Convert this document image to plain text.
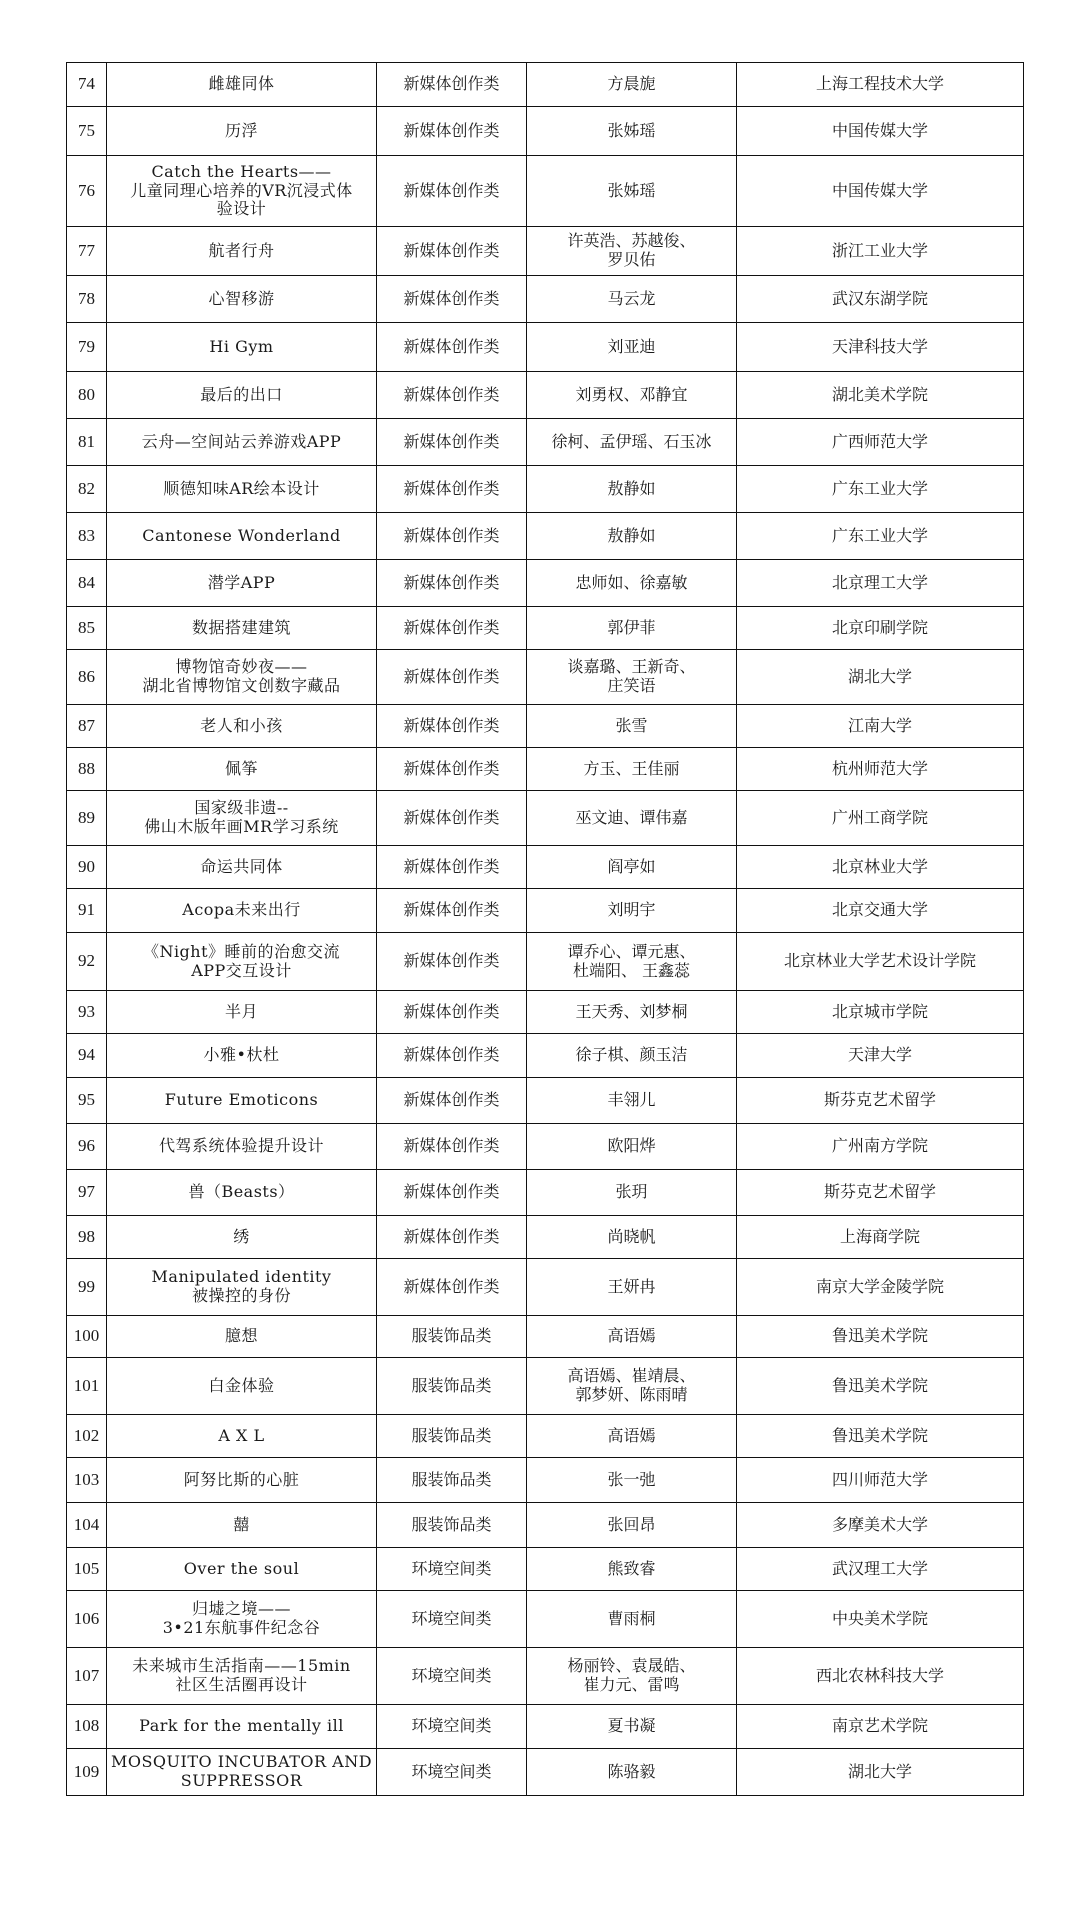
74	雌雄同体	新媒体创作类	方晨旎	上海工程技术大学
75	历浮	新媒体创作类	张姊瑶	中国传媒大学
76	Catch the Hearts——
儿童同理心培养的VR沉浸式体
验设计	新媒体创作类	张姊瑶	中国传媒大学
77	航者行舟	新媒体创作类	许英浩、苏越俊、
罗贝佑	浙江工业大学
78	心智移游	新媒体创作类	马云龙	武汉东湖学院
79	Hi Gym	新媒体创作类	刘亚迪	天津科技大学
80	最后的出口	新媒体创作类	刘勇权、邓静宜	湖北美术学院
81	云舟—空间站云养游戏APP	新媒体创作类	徐柯、孟伊瑶、石玉冰	广西师范大学
82	顺德知味AR绘本设计	新媒体创作类	敖静如	广东工业大学
83	Cantonese Wonderland	新媒体创作类	敖静如	广东工业大学
84	潜学APP	新媒体创作类	忠师如、徐嘉敏	北京理工大学
85	数据搭建建筑	新媒体创作类	郭伊菲	北京印刷学院
86	博物馆奇妙夜——
湖北省博物馆文创数字藏品	新媒体创作类	谈嘉璐、王新奇、
庄笑语	湖北大学
87	老人和小孩	新媒体创作类	张雪	江南大学
88	佩筝	新媒体创作类	方玉、王佳丽	杭州师范大学
89	国家级非遗--
佛山木版年画MR学习系统	新媒体创作类	巫文迪、谭伟嘉	广州工商学院
90	命运共同体	新媒体创作类	阎亭如	北京林业大学
91	Acopa未来出行	新媒体创作类	刘明宇	北京交通大学
92	《Night》睡前的治愈交流
APP交互设计	新媒体创作类	谭乔心、谭元惠、
杜端阳、 王鑫蕊	北京林业大学艺术设计学院
93	半月	新媒体创作类	王天秀、刘梦桐	北京城市学院
94	小雅•杕杜	新媒体创作类	徐子棋、颜玉洁	天津大学
95	Future Emoticons	新媒体创作类	丰翎儿	斯芬克艺术留学
96	代驾系统体验提升设计	新媒体创作类	欧阳烨	广州南方学院
97	兽（Beasts）	新媒体创作类	张玥	斯芬克艺术留学
98	绣	新媒体创作类	尚晓帆	上海商学院
99	Manipulated identity
被操控的身份	新媒体创作类	王妍冉	南京大学金陵学院
100	臆想	服装饰品类	高语嫣	鲁迅美术学院
101	白金体验	服装饰品类	高语嫣、崔靖晨、
郭梦妍、陈雨晴	鲁迅美术学院
102	A X L	服装饰品类	高语嫣	鲁迅美术学院
103	阿努比斯的心脏	服装饰品类	张一弛	四川师范大学
104	囍	服装饰品类	张回昂	多摩美术大学
105	Over the soul	环境空间类	熊致睿	武汉理工大学
106	归墟之境——
3•21东航事件纪念谷	环境空间类	曹雨桐	中央美术学院
107	未来城市生活指南——15min
社区生活圈再设计	环境空间类	杨丽铃、袁晟皓、
崔力元、雷鸣	西北农林科技大学
108	Park for the mentally ill	环境空间类	夏书凝	南京艺术学院
109	MOSQUITO INCUBATOR AND
SUPPRESSOR	环境空间类	陈骆毅	湖北大学
